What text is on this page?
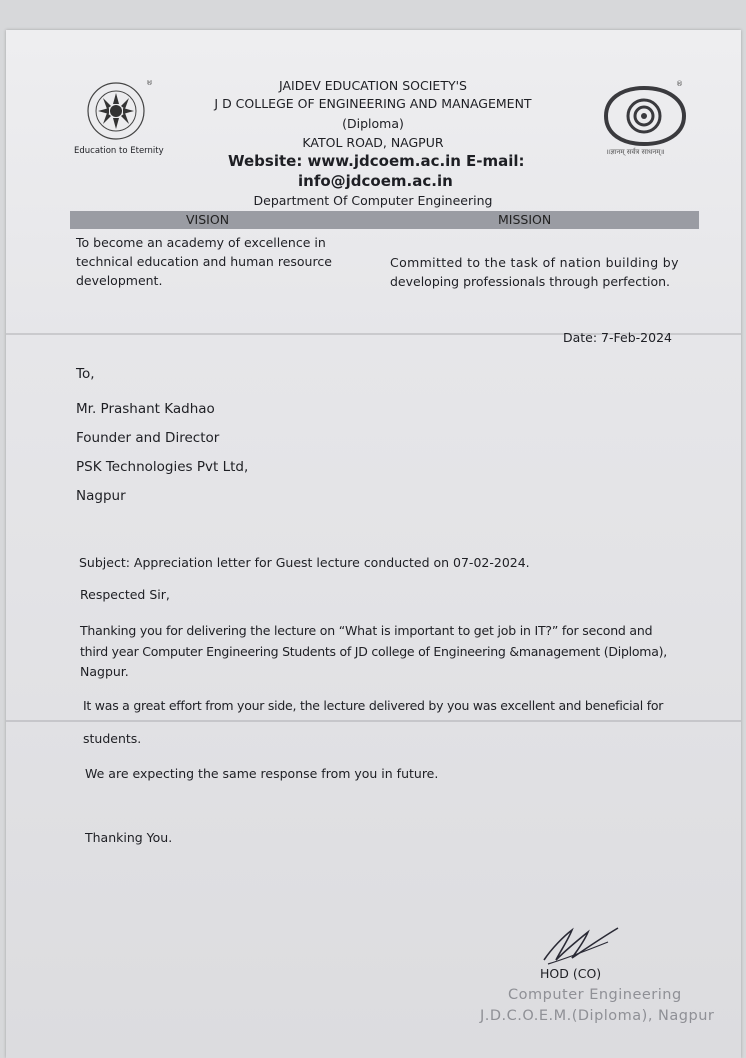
®
Education to Eternity
®
॥ज्ञानम् सर्वत्र साधनम्॥
JAIDEV EDUCATION SOCIETY'S
J D COLLEGE OF ENGINEERING AND MANAGEMENT
(Diploma)
KATOL ROAD, NAGPUR
Website: www.jdcoem.ac.in E-mail:
info@jdcoem.ac.in
Department Of Computer Engineering
VISION	MISSION
To become an academy of excellence in
technical education and human resource
development.
Committed to the task of nation building by
developing professionals through perfection.
Date: 7-Feb-2024
To,
Mr. Prashant Kadhao
Founder and Director
PSK Technologies Pvt Ltd,
Nagpur
Subject: Appreciation letter for Guest lecture conducted on 07-02-2024.
Respected Sir,
Thanking you for delivering the lecture on “What is important to get job in IT?” for second and
third year Computer Engineering Students of JD college of Engineering &management (Diploma),
Nagpur.
It was a great effort from your side, the lecture delivered by you was excellent and beneficial for
students.
We are expecting the same response from you in future.
Thanking You.
HOD (CO)
Computer Engineering
J.D.C.O.E.M.(Diploma), Nagpur
